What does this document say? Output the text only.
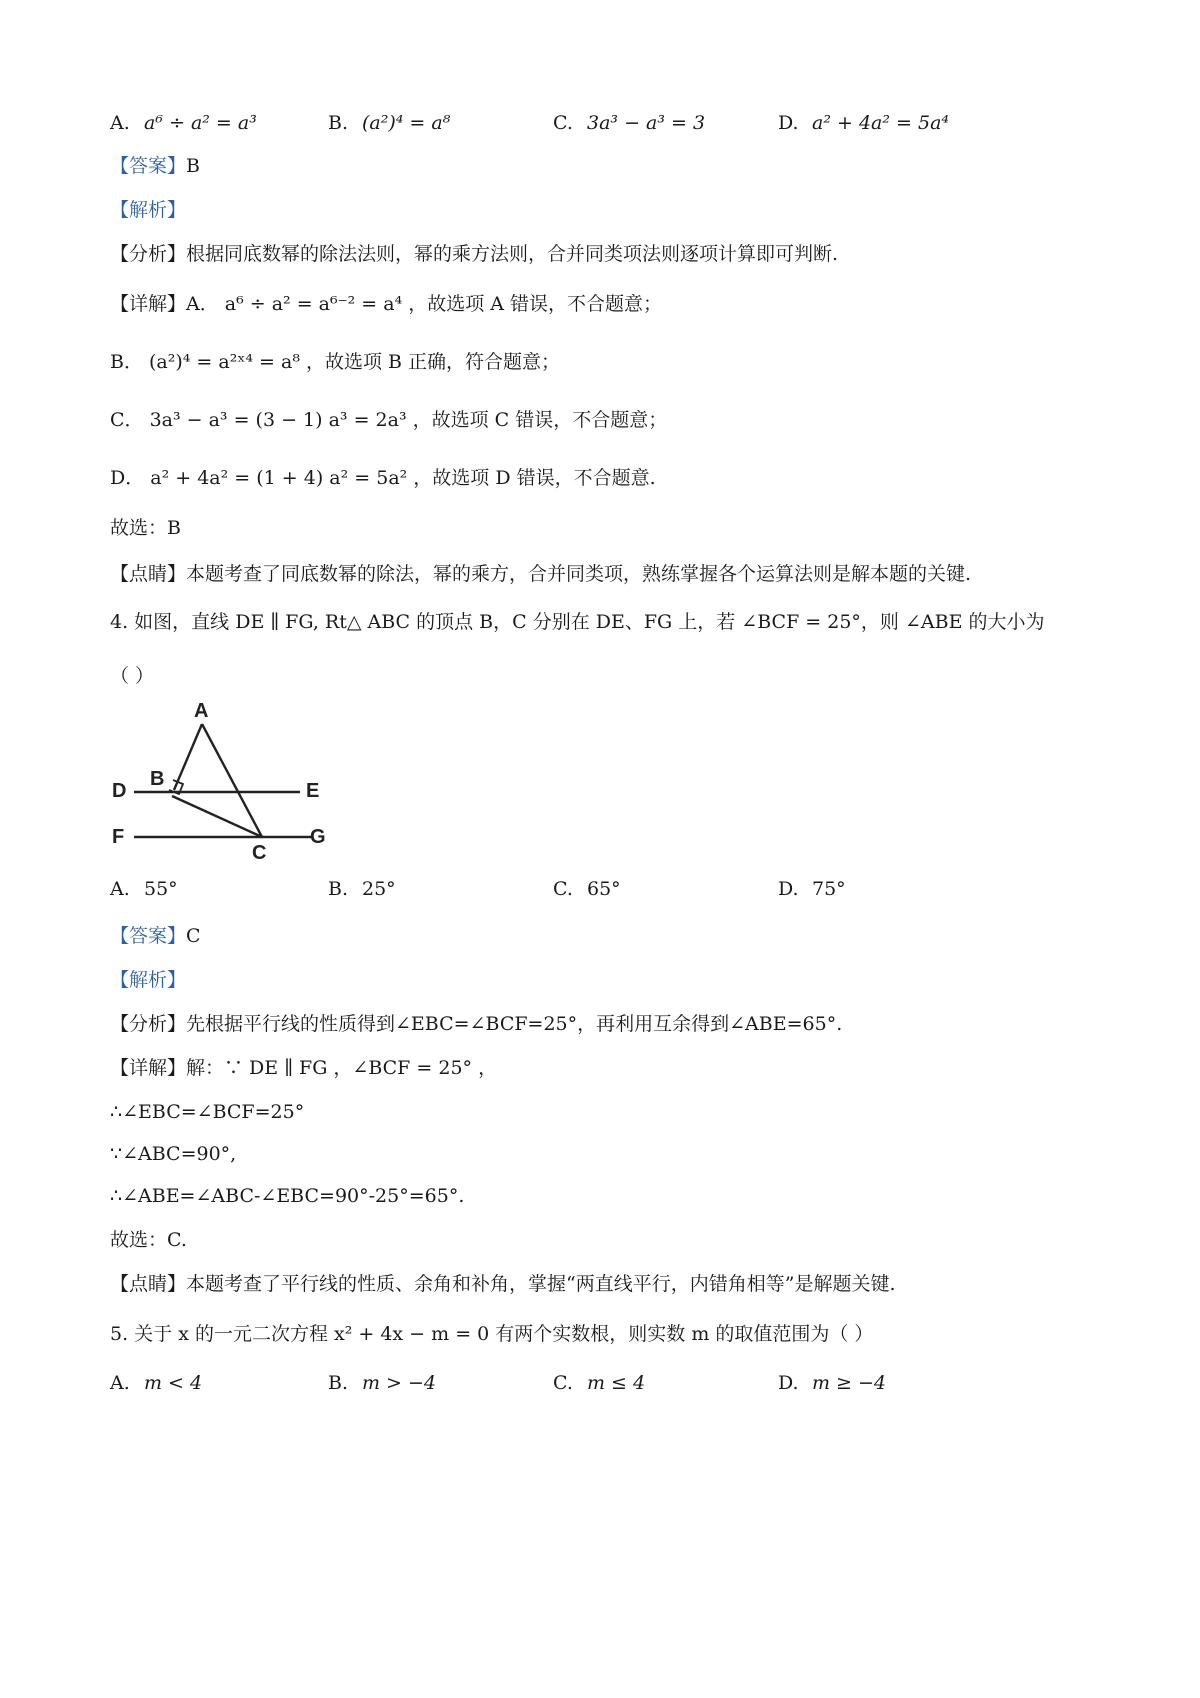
A. a⁶ ÷ a² = a³	B. (a²)⁴ = a⁸	C. 3a³ − a³ = 3	D. a² + 4a² = 5a⁴
【答案】B
【解析】
【分析】根据同底数幂的除法法则，幂的乘方法则，合并同类项法则逐项计算即可判断.
【详解】A． a⁶ ÷ a² = a⁶⁻² = a⁴ ，故选项 A 错误，不合题意；
B． (a²)⁴ = a²ˣ⁴ = a⁸ ，故选项 B 正确，符合题意；
C． 3a³ − a³ = (3 − 1) a³ = 2a³ ，故选项 C 错误，不合题意；
D． a² + 4a² = (1 + 4) a² = 5a² ，故选项 D 错误，不合题意.
故选：B
【点睛】本题考查了同底数幂的除法，幂的乘方，合并同类项，熟练掌握各个运算法则是解本题的关键.
4. 如图，直线 DE ∥ FG, Rt△ ABC 的顶点 B，C 分别在 DE、FG 上，若 ∠BCF = 25°，则 ∠ABE 的大小为
（ ）
A
B
D	E
F	G
C
A. 55°	B. 25°	C. 65°	D. 75°
【答案】C
【解析】
【分析】先根据平行线的性质得到∠EBC=∠BCF=25°，再利用互余得到∠ABE=65°.
【详解】解：∵ DE ∥ FG ，∠BCF = 25° ，
∴∠EBC=∠BCF=25°
∵∠ABC=90°,
∴∠ABE=∠ABC-∠EBC=90°-25°=65°.
故选：C.
【点睛】本题考查了平行线的性质、余角和补角，掌握“两直线平行，内错角相等”是解题关键.
5. 关于 x 的一元二次方程 x² + 4x − m = 0 有两个实数根，则实数 m 的取值范围为（ ）
A. m < 4	B. m > −4	C. m ≤ 4	D. m ≥ −4
